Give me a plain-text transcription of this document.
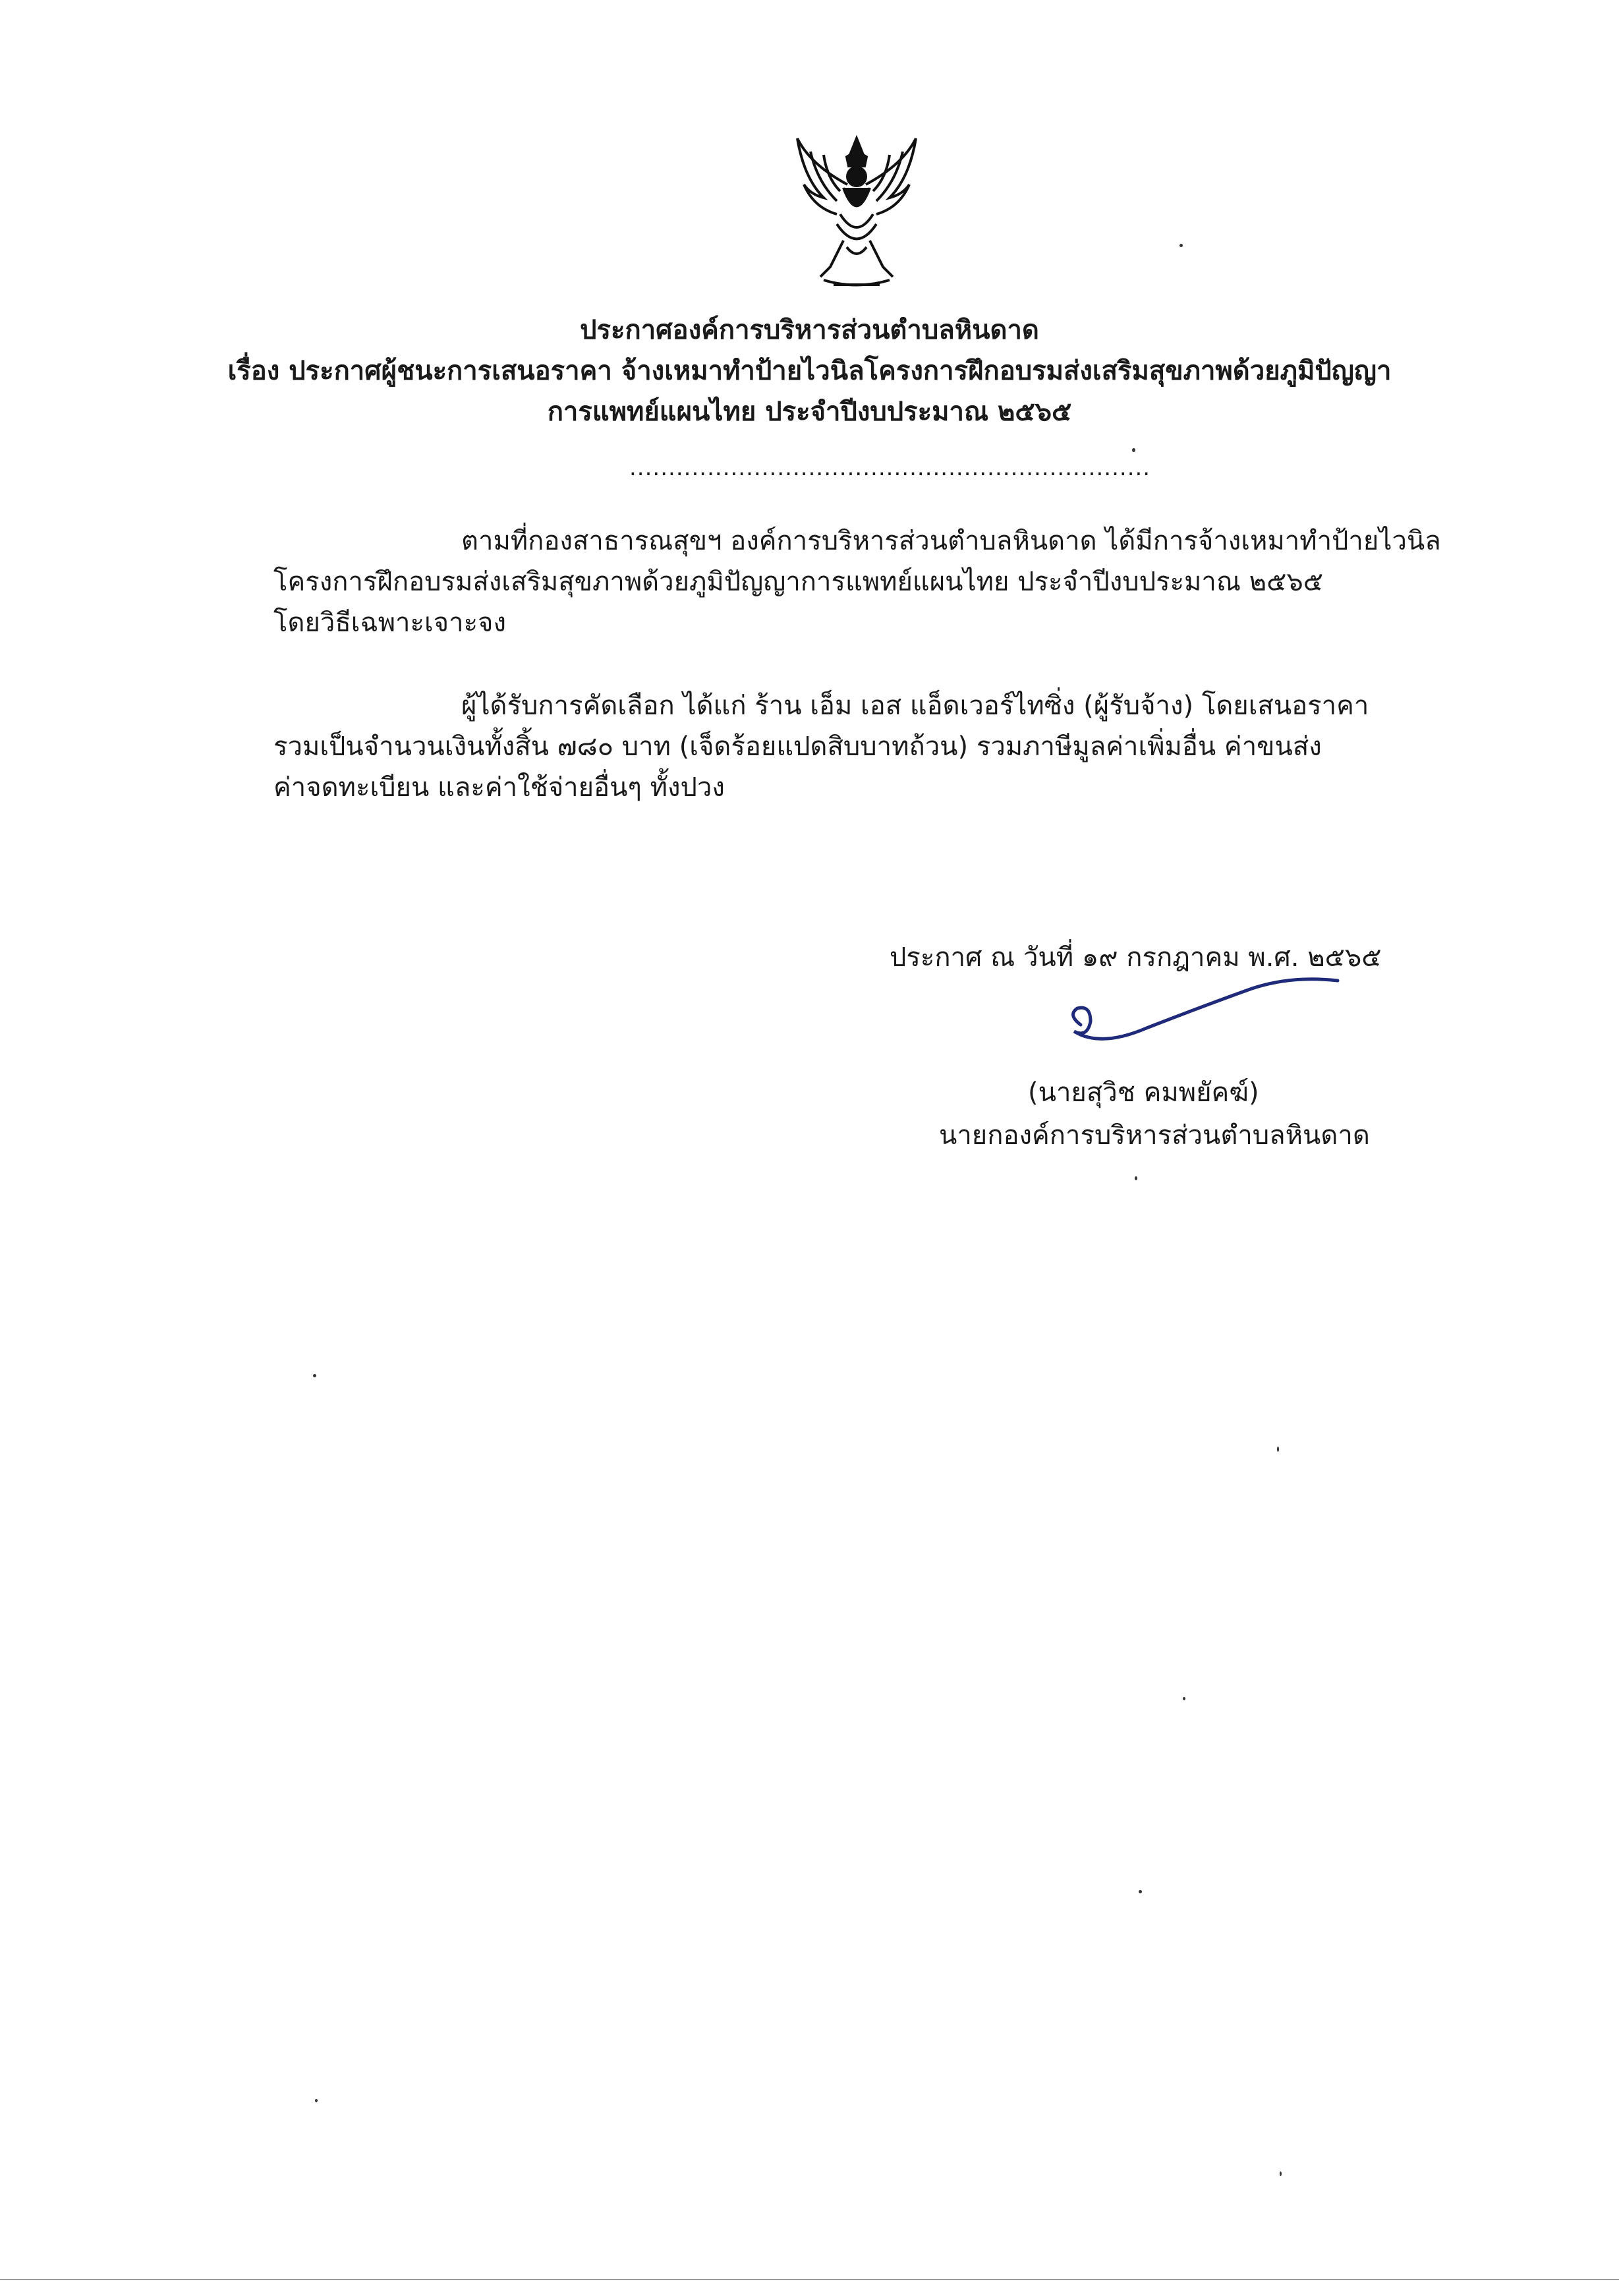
ประกาศองค์การบริหารส่วนตำบลหินดาด
เรื่อง ประกาศผู้ชนะการเสนอราคา จ้างเหมาทำป้ายไวนิลโครงการฝึกอบรมส่งเสริมสุขภาพด้วยภูมิปัญญา
การแพทย์แผนไทย ประจำปีงบประมาณ ๒๕๖๕
...................................................................

ตามที่กองสาธารณสุขฯ องค์การบริหารส่วนตำบลหินดาด ได้มีการจ้างเหมาทำป้ายไวนิล

โครงการฝึกอบรมส่งเสริมสุขภาพด้วยภูมิปัญญาการแพทย์แผนไทย ประจำปีงบประมาณ ๒๕๖๕

โดยวิธีเฉพาะเจาะจง

ผู้ได้รับการคัดเลือก ได้แก่ ร้าน เอ็ม เอส แอ็ดเวอร์ไทซิ่ง (ผู้รับจ้าง) โดยเสนอราคา

รวมเป็นจำนวนเงินทั้งสิ้น ๗๘๐ บาท (เจ็ดร้อยแปดสิบบาทถ้วน) รวมภาษีมูลค่าเพิ่มอื่น ค่าขนส่ง

ค่าจดทะเบียน และค่าใช้จ่ายอื่นๆ ทั้งปวง

ประกาศ ณ วันที่ ๑๙ กรกฎาคม พ.ศ. ๒๕๖๕
(นายสุวิช คมพยัคฆ์)
นายกองค์การบริหารส่วนตำบลหินดาด
